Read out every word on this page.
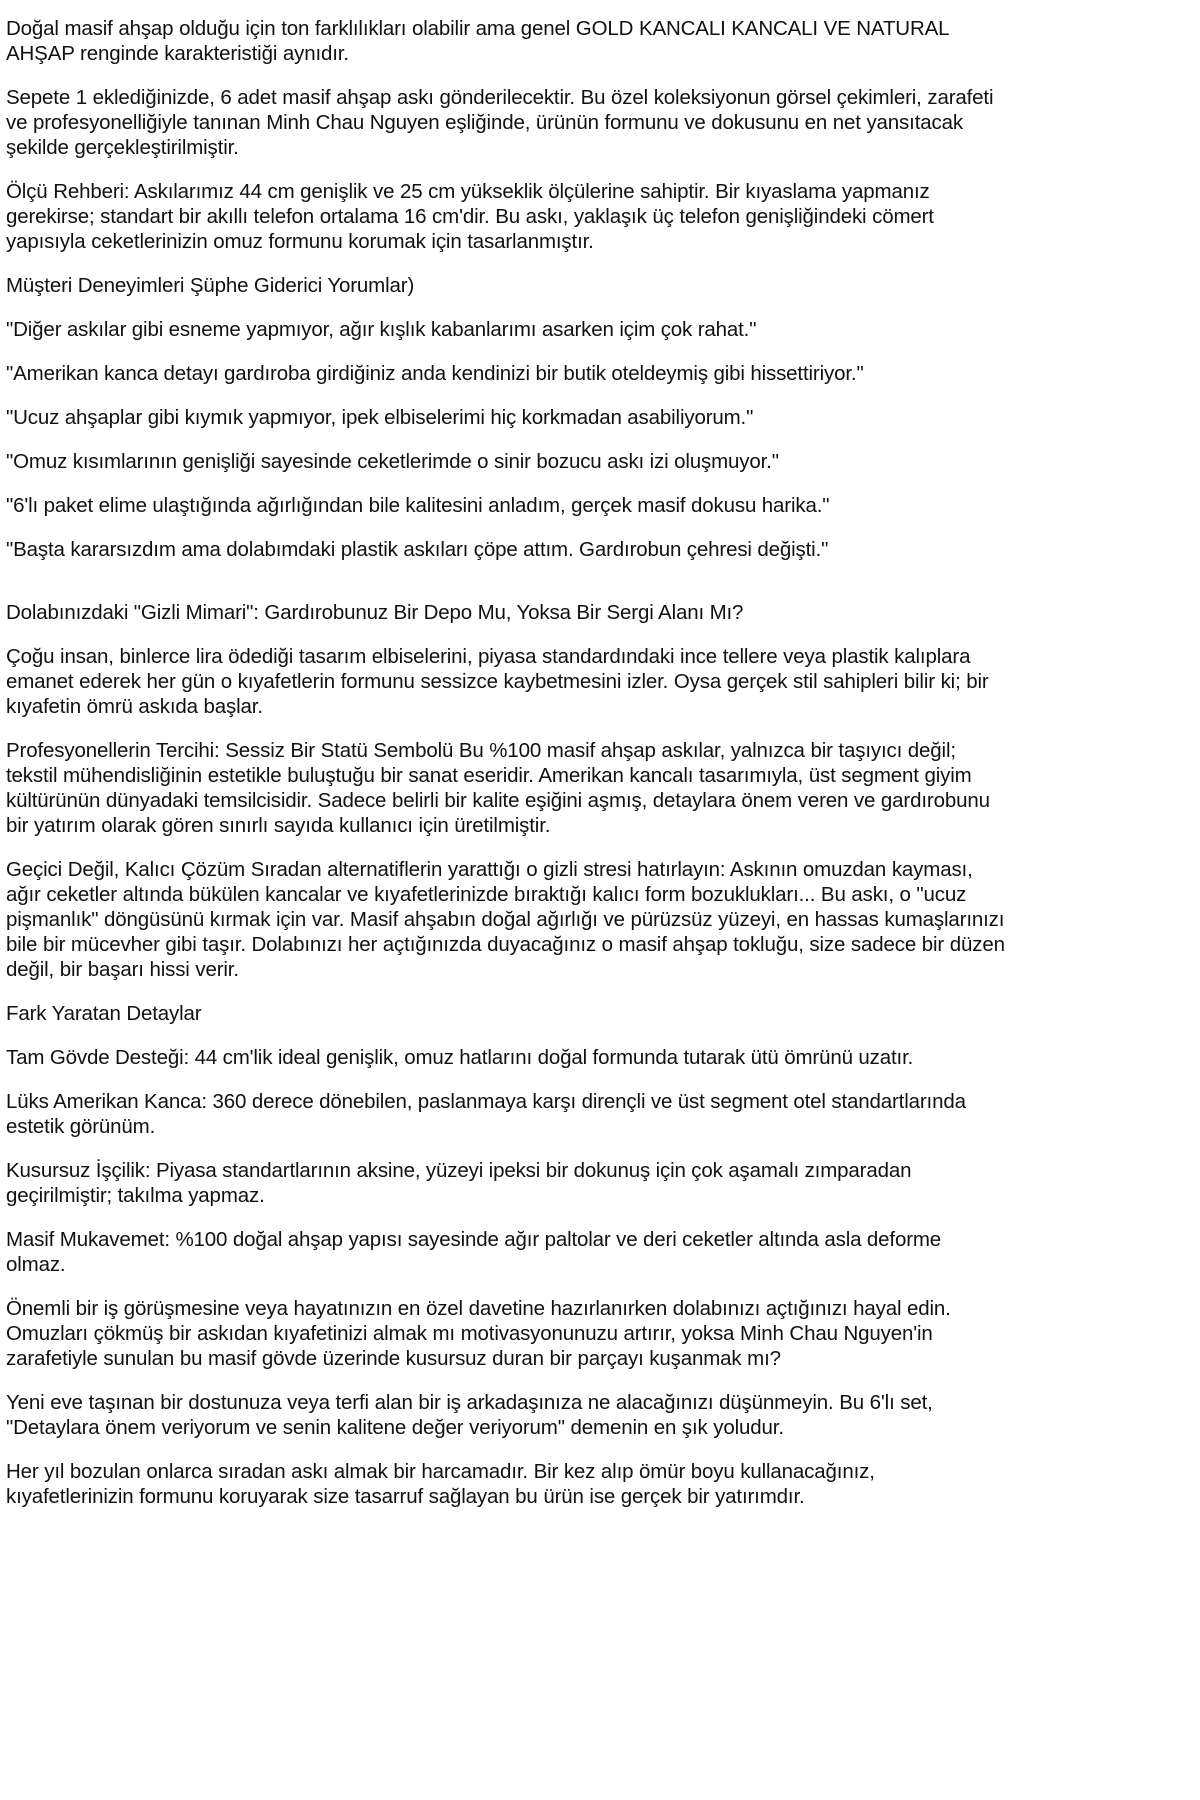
Doğal masif ahşap olduğu için ton farklılıkları olabilir ama genel GOLD KANCALI KANCALI VE NATURAL AHŞAP renginde karakteristiği aynıdır.

Sepete 1 eklediğinizde, 6 adet masif ahşap askı gönderilecektir. Bu özel koleksiyonun görsel çekimleri, zarafeti ve profesyonelliğiyle tanınan Minh Chau Nguyen eşliğinde, ürünün formunu ve dokusunu en net yansıtacak şekilde gerçekleştirilmiştir.

Ölçü Rehberi: Askılarımız 44 cm genişlik ve 25 cm yükseklik ölçülerine sahiptir. Bir kıyaslama yapmanız gerekirse; standart bir akıllı telefon ortalama 16 cm'dir. Bu askı, yaklaşık üç telefon genişliğindeki cömert yapısıyla ceketlerinizin omuz formunu korumak için tasarlanmıştır.

Müşteri Deneyimleri Şüphe Giderici Yorumlar)

"Diğer askılar gibi esneme yapmıyor, ağır kışlık kabanlarımı asarken içim çok rahat."

"Amerikan kanca detayı gardıroba girdiğiniz anda kendinizi bir butik oteldeymiş gibi hissettiriyor."

"Ucuz ahşaplar gibi kıymık yapmıyor, ipek elbiselerimi hiç korkmadan asabiliyorum."

"Omuz kısımlarının genişliği sayesinde ceketlerimde o sinir bozucu askı izi oluşmuyor."

"6'lı paket elime ulaştığında ağırlığından bile kalitesini anladım, gerçek masif dokusu harika."

"Başta kararsızdım ama dolabımdaki plastik askıları çöpe attım. Gardırobun çehresi değişti."

Dolabınızdaki "Gizli Mimari": Gardırobunuz Bir Depo Mu, Yoksa Bir Sergi Alanı Mı?

Çoğu insan, binlerce lira ödediği tasarım elbiselerini, piyasa standardındaki ince tellere veya plastik kalıplara emanet ederek her gün o kıyafetlerin formunu sessizce kaybetmesini izler. Oysa gerçek stil sahipleri bilir ki; bir kıyafetin ömrü askıda başlar.

Profesyonellerin Tercihi: Sessiz Bir Statü Sembolü Bu %100 masif ahşap askılar, yalnızca bir taşıyıcı değil; tekstil mühendisliğinin estetikle buluştuğu bir sanat eseridir. Amerikan kancalı tasarımıyla, üst segment giyim kültürünün dünyadaki temsilcisidir. Sadece belirli bir kalite eşiğini aşmış, detaylara önem veren ve gardırobunu bir yatırım olarak gören sınırlı sayıda kullanıcı için üretilmiştir.

Geçici Değil, Kalıcı Çözüm Sıradan alternatiflerin yarattığı o gizli stresi hatırlayın: Askının omuzdan kayması, ağır ceketler altında bükülen kancalar ve kıyafetlerinizde bıraktığı kalıcı form bozuklukları... Bu askı, o "ucuz pişmanlık" döngüsünü kırmak için var. Masif ahşabın doğal ağırlığı ve pürüzsüz yüzeyi, en hassas kumaşlarınızı bile bir mücevher gibi taşır. Dolabınızı her açtığınızda duyacağınız o masif ahşap tokluğu, size sadece bir düzen değil, bir başarı hissi verir.

Fark Yaratan Detaylar

Tam Gövde Desteği: 44 cm'lik ideal genişlik, omuz hatlarını doğal formunda tutarak ütü ömrünü uzatır.

Lüks Amerikan Kanca: 360 derece dönebilen, paslanmaya karşı dirençli ve üst segment otel standartlarında estetik görünüm.

Kusursuz İşçilik: Piyasa standartlarının aksine, yüzeyi ipeksi bir dokunuş için çok aşamalı zımparadan geçirilmiştir; takılma yapmaz.

Masif Mukavemet: %100 doğal ahşap yapısı sayesinde ağır paltolar ve deri ceketler altında asla deforme olmaz.

Önemli bir iş görüşmesine veya hayatınızın en özel davetine hazırlanırken dolabınızı açtığınızı hayal edin. Omuzları çökmüş bir askıdan kıyafetinizi almak mı motivasyonunuzu artırır, yoksa Minh Chau Nguyen'in zarafetiyle sunulan bu masif gövde üzerinde kusursuz duran bir parçayı kuşanmak mı?

Yeni eve taşınan bir dostunuza veya terfi alan bir iş arkadaşınıza ne alacağınızı düşünmeyin. Bu 6'lı set, "Detaylara önem veriyorum ve senin kalitene değer veriyorum" demenin en şık yoludur.

Her yıl bozulan onlarca sıradan askı almak bir harcamadır. Bir kez alıp ömür boyu kullanacağınız, kıyafetlerinizin formunu koruyarak size tasarruf sağlayan bu ürün ise gerçek bir yatırımdır.
